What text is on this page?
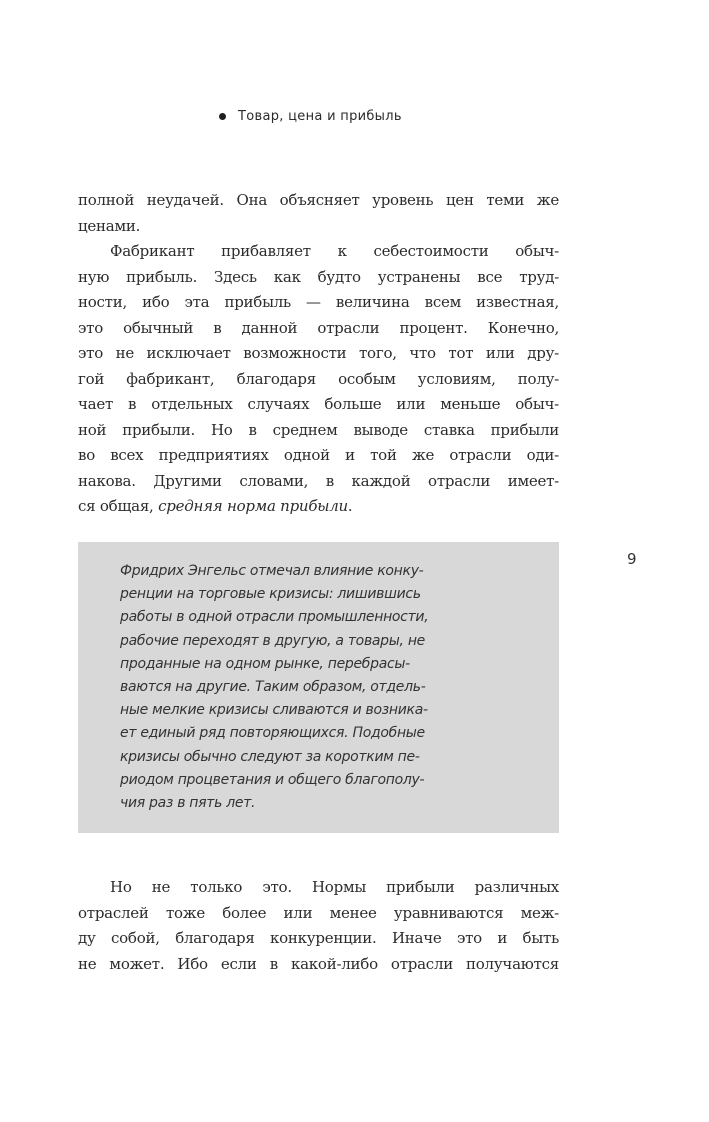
Товар, цена и прибыль
9
полной неудачей. Она объясняет уровень цен теми же
ценами.
Фабрикант прибавляет к себестоимости обыч-
ную прибыль. Здесь как будто устранены все труд-
ности, ибо эта прибыль — величина всем известная,
это обычный в данной отрасли процент. Конечно,
это не исключает возможности того, что тот или дру-
гой фабрикант, благодаря особым условиям, полу-
чает в отдельных случаях больше или меньше обыч-
ной прибыли. Но в среднем выводе ставка прибыли
во всех предприятиях одной и той же отрасли оди-
накова. Другими словами, в каждой отрасли имеет-
ся общая, средняя норма прибыли.
Фридрих Энгельс отмечал влияние конку-
ренции на торговые кризисы: лишившись
работы в одной отрасли промышленности,
рабочие переходят в другую, а товары, не
проданные на одном рынке, перебрасы-
ваются на другие. Таким образом, отдель-
ные мелкие кризисы сливаются и возника-
ет единый ряд повторяющихся. Подобные
кризисы обычно следуют за коротким пе-
риодом процветания и общего благополу-
чия раз в пять лет.
Но не только это. Нормы прибыли различных
отраслей тоже более или менее уравниваются меж-
ду собой, благодаря конкуренции. Иначе это и быть
не может. Ибо если в какой-либо отрасли получаются
